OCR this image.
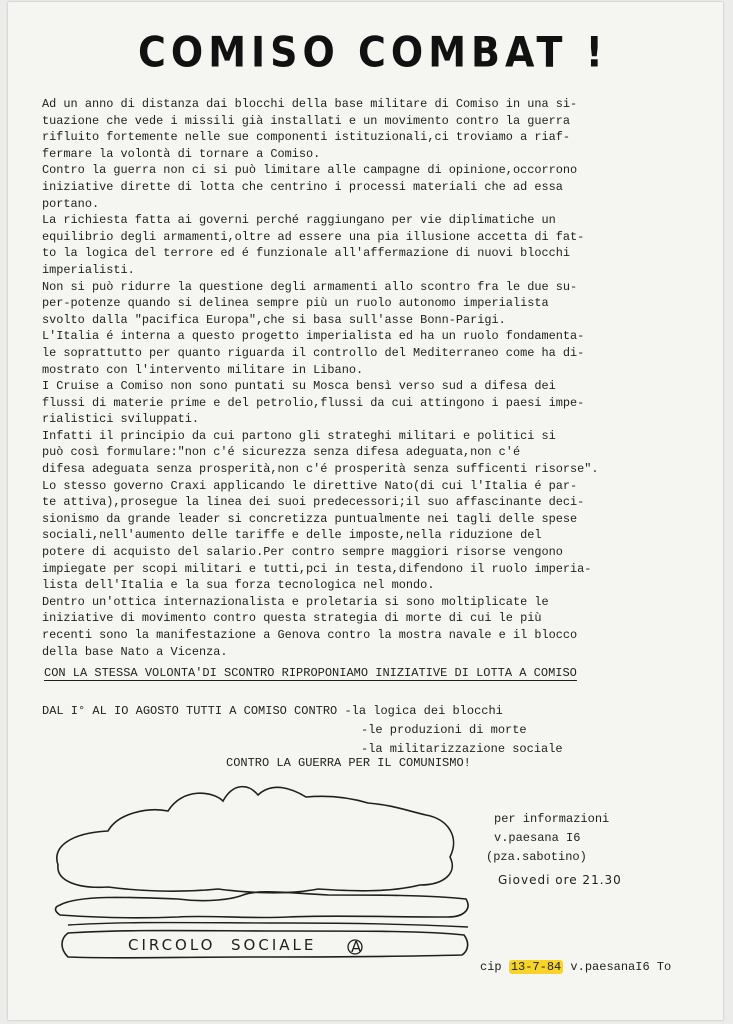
COMISO COMBAT !
Ad un anno di distanza dai blocchi della base militare di Comiso in una si-
tuazione che vede i missili già installati e un movimento contro la guerra
rifluito fortemente nelle sue componenti istituzionali,ci troviamo a riaf-
fermare la volontà di tornare a Comiso.
Contro la guerra non ci si può limitare alle campagne di opinione,occorrono
iniziative dirette di lotta che centrino i processi materiali che ad essa
portano.
La richiesta fatta ai governi perché raggiungano per vie diplimatiche un
equilibrio degli armamenti,oltre ad essere una pia illusione accetta di fat-
to la logica del terrore ed é funzionale all'affermazione di nuovi blocchi
imperialisti.
Non si può ridurre la questione degli armamenti allo scontro fra le due su-
per-potenze quando si delinea sempre più un ruolo autonomo imperialista
svolto dalla "pacifica Europa",che si basa sull'asse Bonn-Parigi.
L'Italia é interna a questo progetto imperialista ed ha un ruolo fondamenta-
le soprattutto per quanto riguarda il controllo del Mediterraneo come ha di-
mostrato con l'intervento militare in Libano.
I Cruise a Comiso non sono puntati su Mosca bensì verso sud a difesa dei
flussi di materie prime e del petrolio,flussi da cui attingono i paesi impe-
rialistici sviluppati.
Infatti il principio da cui partono gli strateghi militari e politici si
può così formulare:"non c'é sicurezza senza difesa adeguata,non c'é
difesa adeguata senza prosperità,non c'é prosperità senza sufficenti risorse".
Lo stesso governo Craxi applicando le direttive Nato(di cui l'Italia é par-
te attiva),prosegue la linea dei suoi predecessori;il suo affascinante deci-
sionismo da grande leader si concretizza puntualmente nei tagli delle spese
sociali,nell'aumento delle tariffe e delle imposte,nella riduzione del
potere di acquisto del salario.Per contro sempre maggiori risorse vengono
impiegate per scopi militari e tutti,pci in testa,difendono il ruolo imperia-
lista dell'Italia e la sua forza tecnologica nel mondo.
Dentro un'ottica internazionalista e proletaria si sono moltiplicate le
iniziative di movimento contro questa strategia di morte di cui le più
recenti sono la manifestazione a Genova contro la mostra navale e il blocco
della base Nato a Vicenza.
CON LA STESSA VOLONTA'DI SCONTRO RIPROPONIAMO INIZIATIVE DI LOTTA A COMISO
DAL I° AL IO AGOSTO TUTTI A COMISO CONTRO -la logica dei blocchi
-le produzioni di morte
-la militarizzazione sociale
CONTRO LA GUERRA PER IL COMUNISMO!
A
CIRCOLO  SOCIALE
per informazioni
v.paesana I6
(pza.sabotino)
Giovedi ore 21.30
cip 13-7-84 v.paesanaI6 To
